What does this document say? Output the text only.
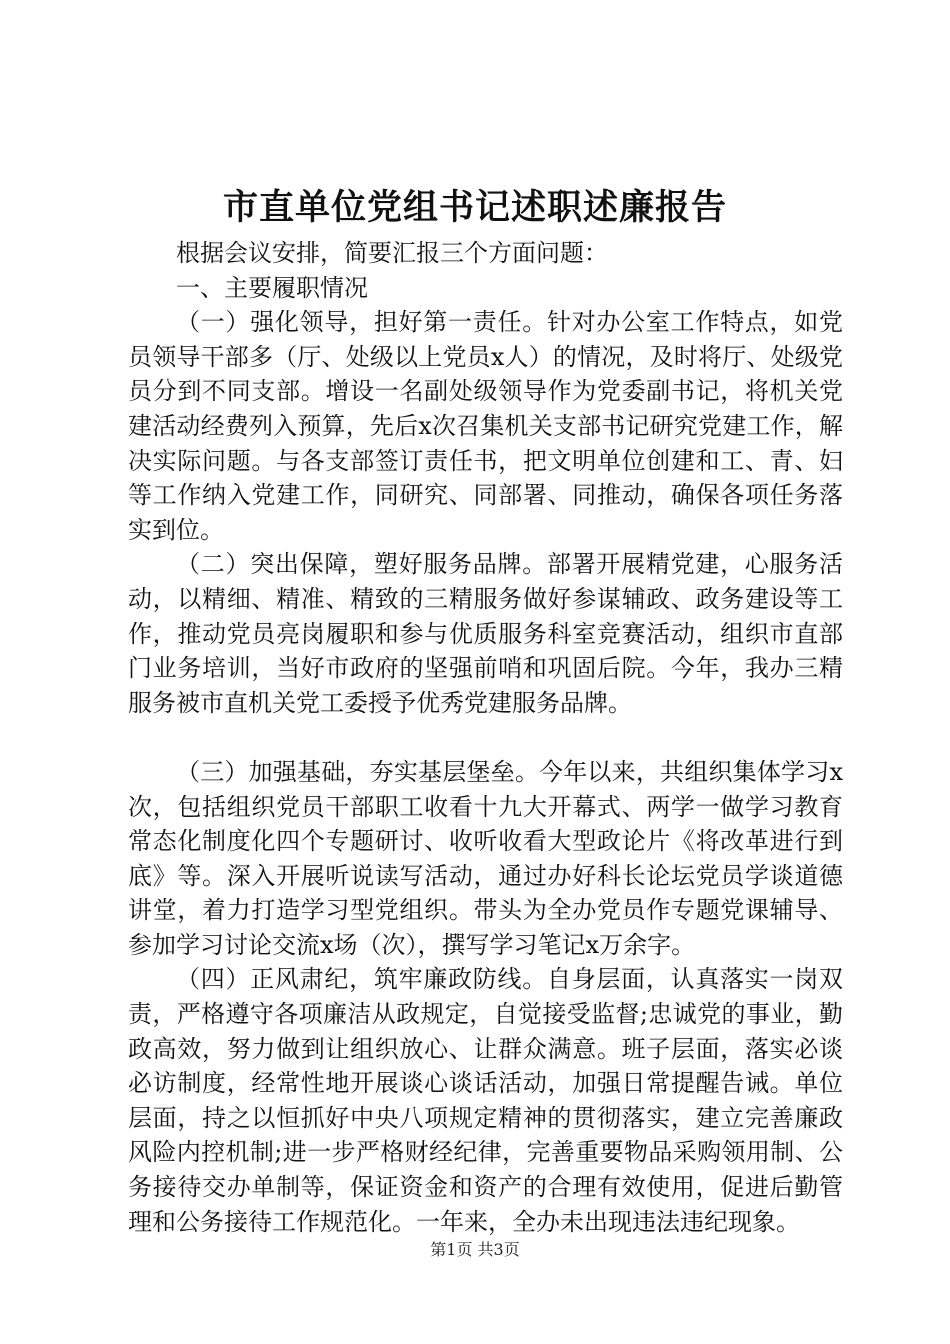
市直单位党组书记述职述廉报告

根据会议安排，简要汇报三个方面问题：

一、主要履职情况

（一）强化领导，担好第一责任。针对办公室工作特点，如党员领导干部多（厅、处级以上党员x人）的情况，及时将厅、处级党员分到不同支部。增设一名副处级领导作为党委副书记，将机关党建活动经费列入预算，先后x次召集机关支部书记研究党建工作，解决实际问题。与各支部签订责任书，把文明单位创建和工、青、妇等工作纳入党建工作，同研究、同部署、同推动，确保各项任务落实到位。

（二）突出保障，塑好服务品牌。部署开展精党建，心服务活动，以精细、精准、精致的三精服务做好参谋辅政、政务建设等工作，推动党员亮岗履职和参与优质服务科室竞赛活动，组织市直部门业务培训，当好市政府的坚强前哨和巩固后院。今年，我办三精服务被市直机关党工委授予优秀党建服务品牌。

（三）加强基础，夯实基层堡垒。今年以来，共组织集体学习x次，包括组织党员干部职工收看十九大开幕式、两学一做学习教育常态化制度化四个专题研讨、收听收看大型政论片《将改革进行到底》等。深入开展听说读写活动，通过办好科长论坛党员学谈道德讲堂，着力打造学习型党组织。带头为全办党员作专题党课辅导、参加学习讨论交流x场（次），撰写学习笔记x万余字。

（四）正风肃纪，筑牢廉政防线。自身层面，认真落实一岗双责，严格遵守各项廉洁从政规定，自觉接受监督;忠诚党的事业，勤政高效，努力做到让组织放心、让群众满意。班子层面，落实必谈必访制度，经常性地开展谈心谈话活动，加强日常提醒告诫。单位层面，持之以恒抓好中央八项规定精神的贯彻落实，建立完善廉政风险内控机制;进一步严格财经纪律，完善重要物品采购领用制、公务接待交办单制等，保证资金和资产的合理有效使用，促进后勤管理和公务接待工作规范化。一年来，全办未出现违法违纪现象。

第1页 共3页
